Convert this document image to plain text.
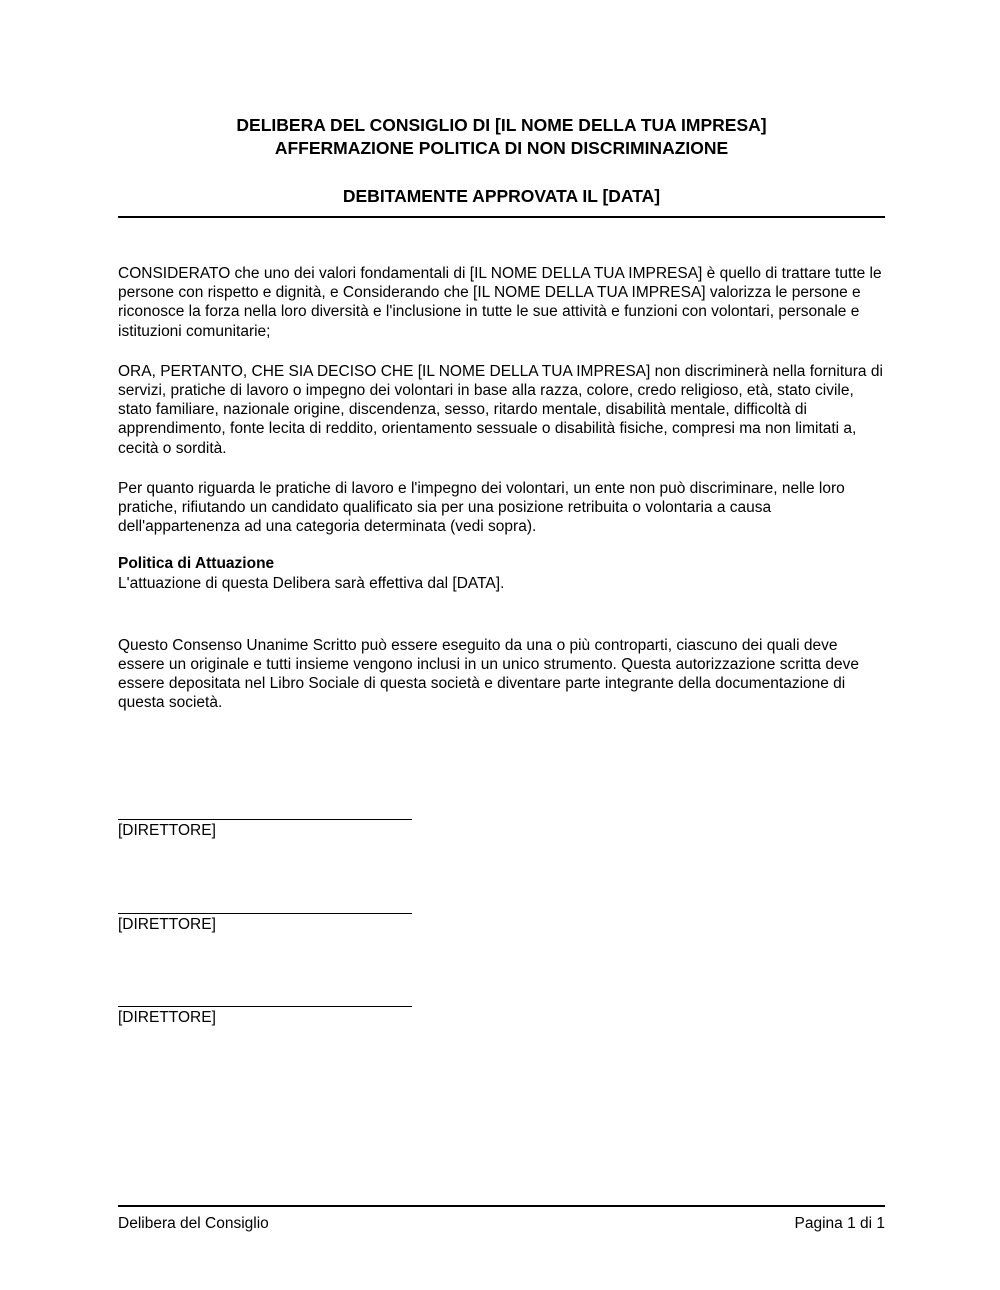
DELIBERA DEL CONSIGLIO DI [IL NOME DELLA TUA IMPRESA]
AFFERMAZIONE POLITICA DI NON DISCRIMINAZIONE
DEBITAMENTE APPROVATA IL [DATA]

CONSIDERATO che uno dei valori fondamentali di [IL NOME DELLA TUA IMPRESA] è quello di trattare tutte le persone con rispetto e dignità, e Considerando che [IL NOME DELLA TUA IMPRESA] valorizza le persone e riconosce la forza nella loro diversità e l'inclusione in tutte le sue attività e funzioni con volontari, personale e istituzioni comunitarie;

ORA, PERTANTO, CHE SIA DECISO CHE [IL NOME DELLA TUA IMPRESA] non discriminerà nella fornitura di servizi, pratiche di lavoro o impegno dei volontari in base alla razza, colore, credo religioso, età, stato civile, stato familiare, nazionale origine, discendenza, sesso, ritardo mentale, disabilità mentale, difficoltà di apprendimento, fonte lecita di reddito, orientamento sessuale o disabilità fisiche, compresi ma non limitati a, cecità o sordità.

Per quanto riguarda le pratiche di lavoro e l'impegno dei volontari, un ente non può discriminare, nelle loro pratiche, rifiutando un candidato qualificato sia per una posizione retribuita o volontaria a causa dell'appartenenza ad una categoria determinata (vedi sopra).

Politica di Attuazione
L'attuazione di questa Delibera sarà effettiva dal [DATA].

Questo Consenso Unanime Scritto può essere eseguito da una o più controparti, ciascuno dei quali deve essere un originale e tutti insieme vengono inclusi in un unico strumento. Questa autorizzazione scritta deve essere depositata nel Libro Sociale di questa società e diventare parte integrante della documentazione di questa società.

[DIRETTORE]
[DIRETTORE]
[DIRETTORE]
Delibera del Consiglio	Pagina 1 di 1
